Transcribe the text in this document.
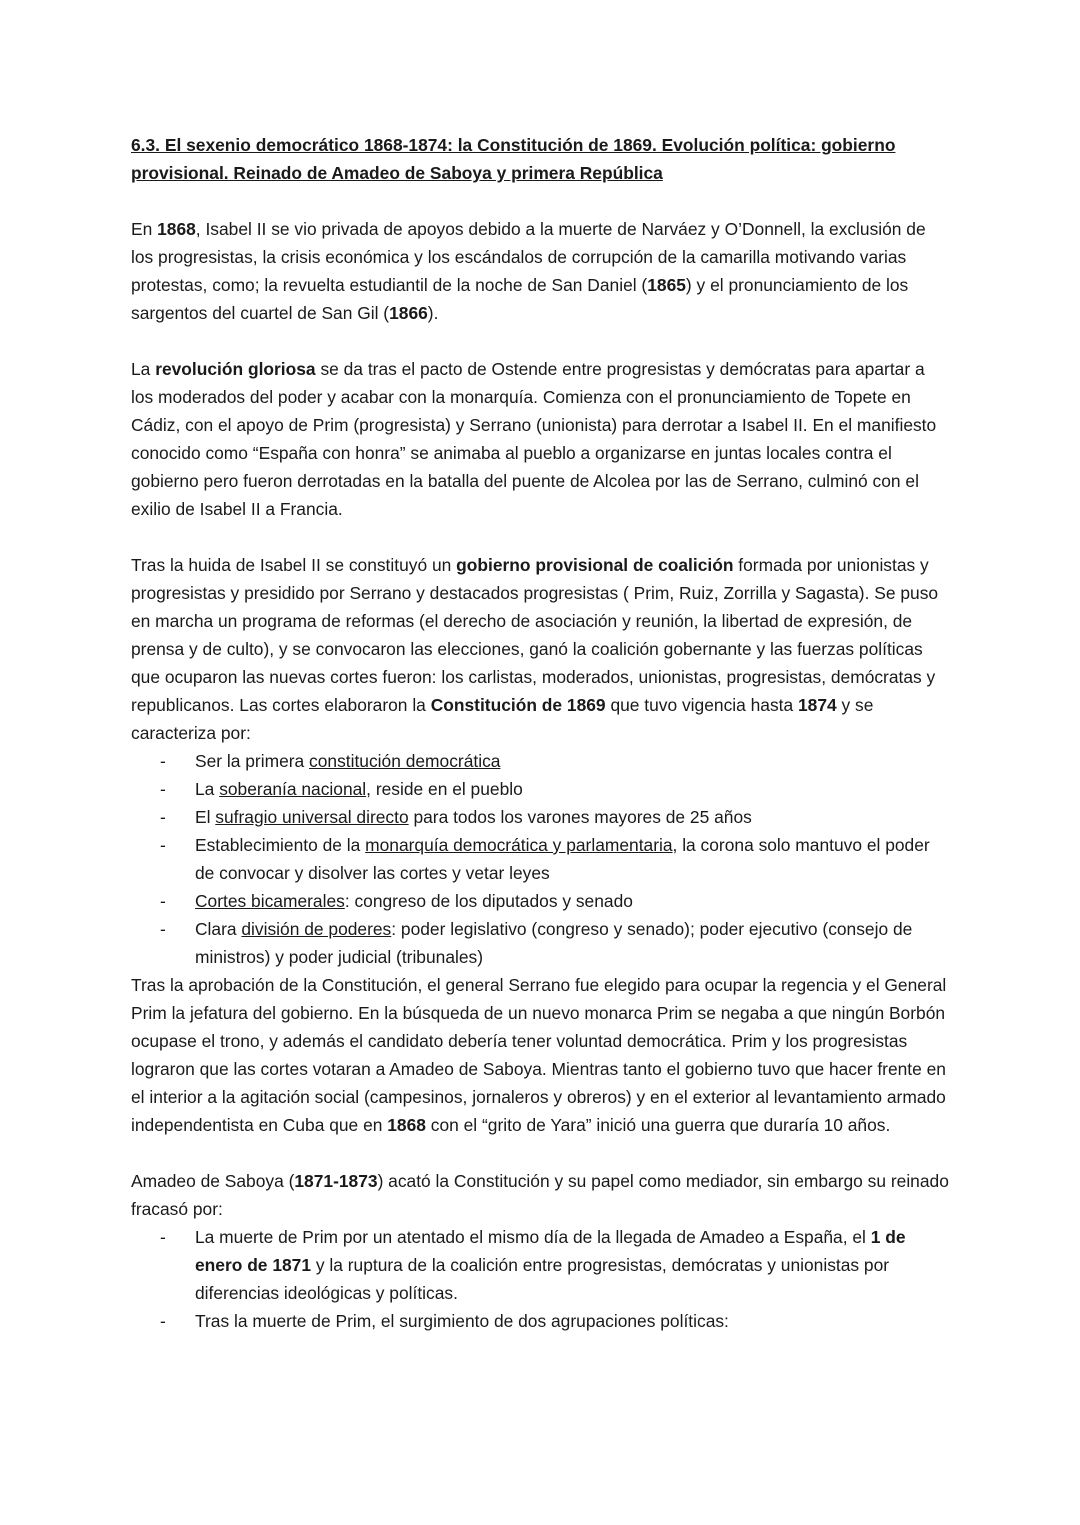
6.3. El sexenio democrático 1868-1874: la Constitución de 1869. Evolución política: gobierno provisional. Reinado de Amadeo de Saboya y primera República

En 1868, Isabel II se vio privada de apoyos debido a la muerte de Narváez y O’Donnell, la exclusión de los progresistas, la crisis económica y los escándalos de corrupción de la camarilla motivando varias protestas, como; la revuelta estudiantil de la noche de San Daniel (1865) y el pronunciamiento de los sargentos del cuartel de San Gil (1866).

La revolución gloriosa se da tras el pacto de Ostende entre progresistas y demócratas para apartar a los moderados del poder y acabar con la monarquía. Comienza con el pronunciamiento de Topete en Cádiz, con el apoyo de Prim (progresista) y Serrano (unionista) para derrotar a Isabel II. En el manifiesto conocido como “España con honra” se animaba al pueblo a organizarse en juntas locales contra el gobierno pero fueron derrotadas en la batalla del puente de Alcolea por las de Serrano, culminó con el exilio de Isabel II a Francia.

Tras la huida de Isabel II se constituyó un gobierno provisional de coalición formada por unionistas y progresistas y presidido por Serrano y destacados progresistas ( Prim, Ruiz, Zorrilla y Sagasta). Se puso en marcha un programa de reformas (el derecho de asociación y reunión, la libertad de expresión, de prensa y de culto), y se convocaron las elecciones, ganó la coalición gobernante y las fuerzas políticas que ocuparon las nuevas cortes fueron: los carlistas, moderados, unionistas, progresistas, demócratas y republicanos. Las cortes elaboraron la Constitución de 1869 que tuvo vigencia hasta 1874 y se caracteriza por:

- Ser la primera constitución democrática
- La soberanía nacional, reside en el pueblo
- El sufragio universal directo para todos los varones mayores de 25 años
- Establecimiento de la monarquía democrática y parlamentaria, la corona solo mantuvo el poder de convocar y disolver las cortes y vetar leyes
- Cortes bicamerales: congreso de los diputados y senado
- Clara división de poderes: poder legislativo (congreso y senado); poder ejecutivo (consejo de ministros) y poder judicial (tribunales)

Tras la aprobación de la Constitución, el general Serrano fue elegido para ocupar la regencia y el General Prim la jefatura del gobierno. En la búsqueda de un nuevo monarca Prim se negaba a que ningún Borbón ocupase el trono, y además el candidato debería tener voluntad democrática. Prim y los progresistas lograron que las cortes votaran a Amadeo de Saboya. Mientras tanto el gobierno tuvo que hacer frente en el interior a la agitación social (campesinos, jornaleros y obreros) y en el exterior al levantamiento armado independentista en Cuba que en 1868 con el “grito de Yara” inició una guerra que duraría 10 años.

Amadeo de Saboya (1871-1873) acató la Constitución y su papel como mediador, sin embargo su reinado fracasó por:

- La muerte de Prim por un atentado el mismo día de la llegada de Amadeo a España, el 1 de enero de 1871 y la ruptura de la coalición entre progresistas, demócratas y unionistas por diferencias ideológicas y políticas.
- Tras la muerte de Prim, el surgimiento de dos agrupaciones políticas:
